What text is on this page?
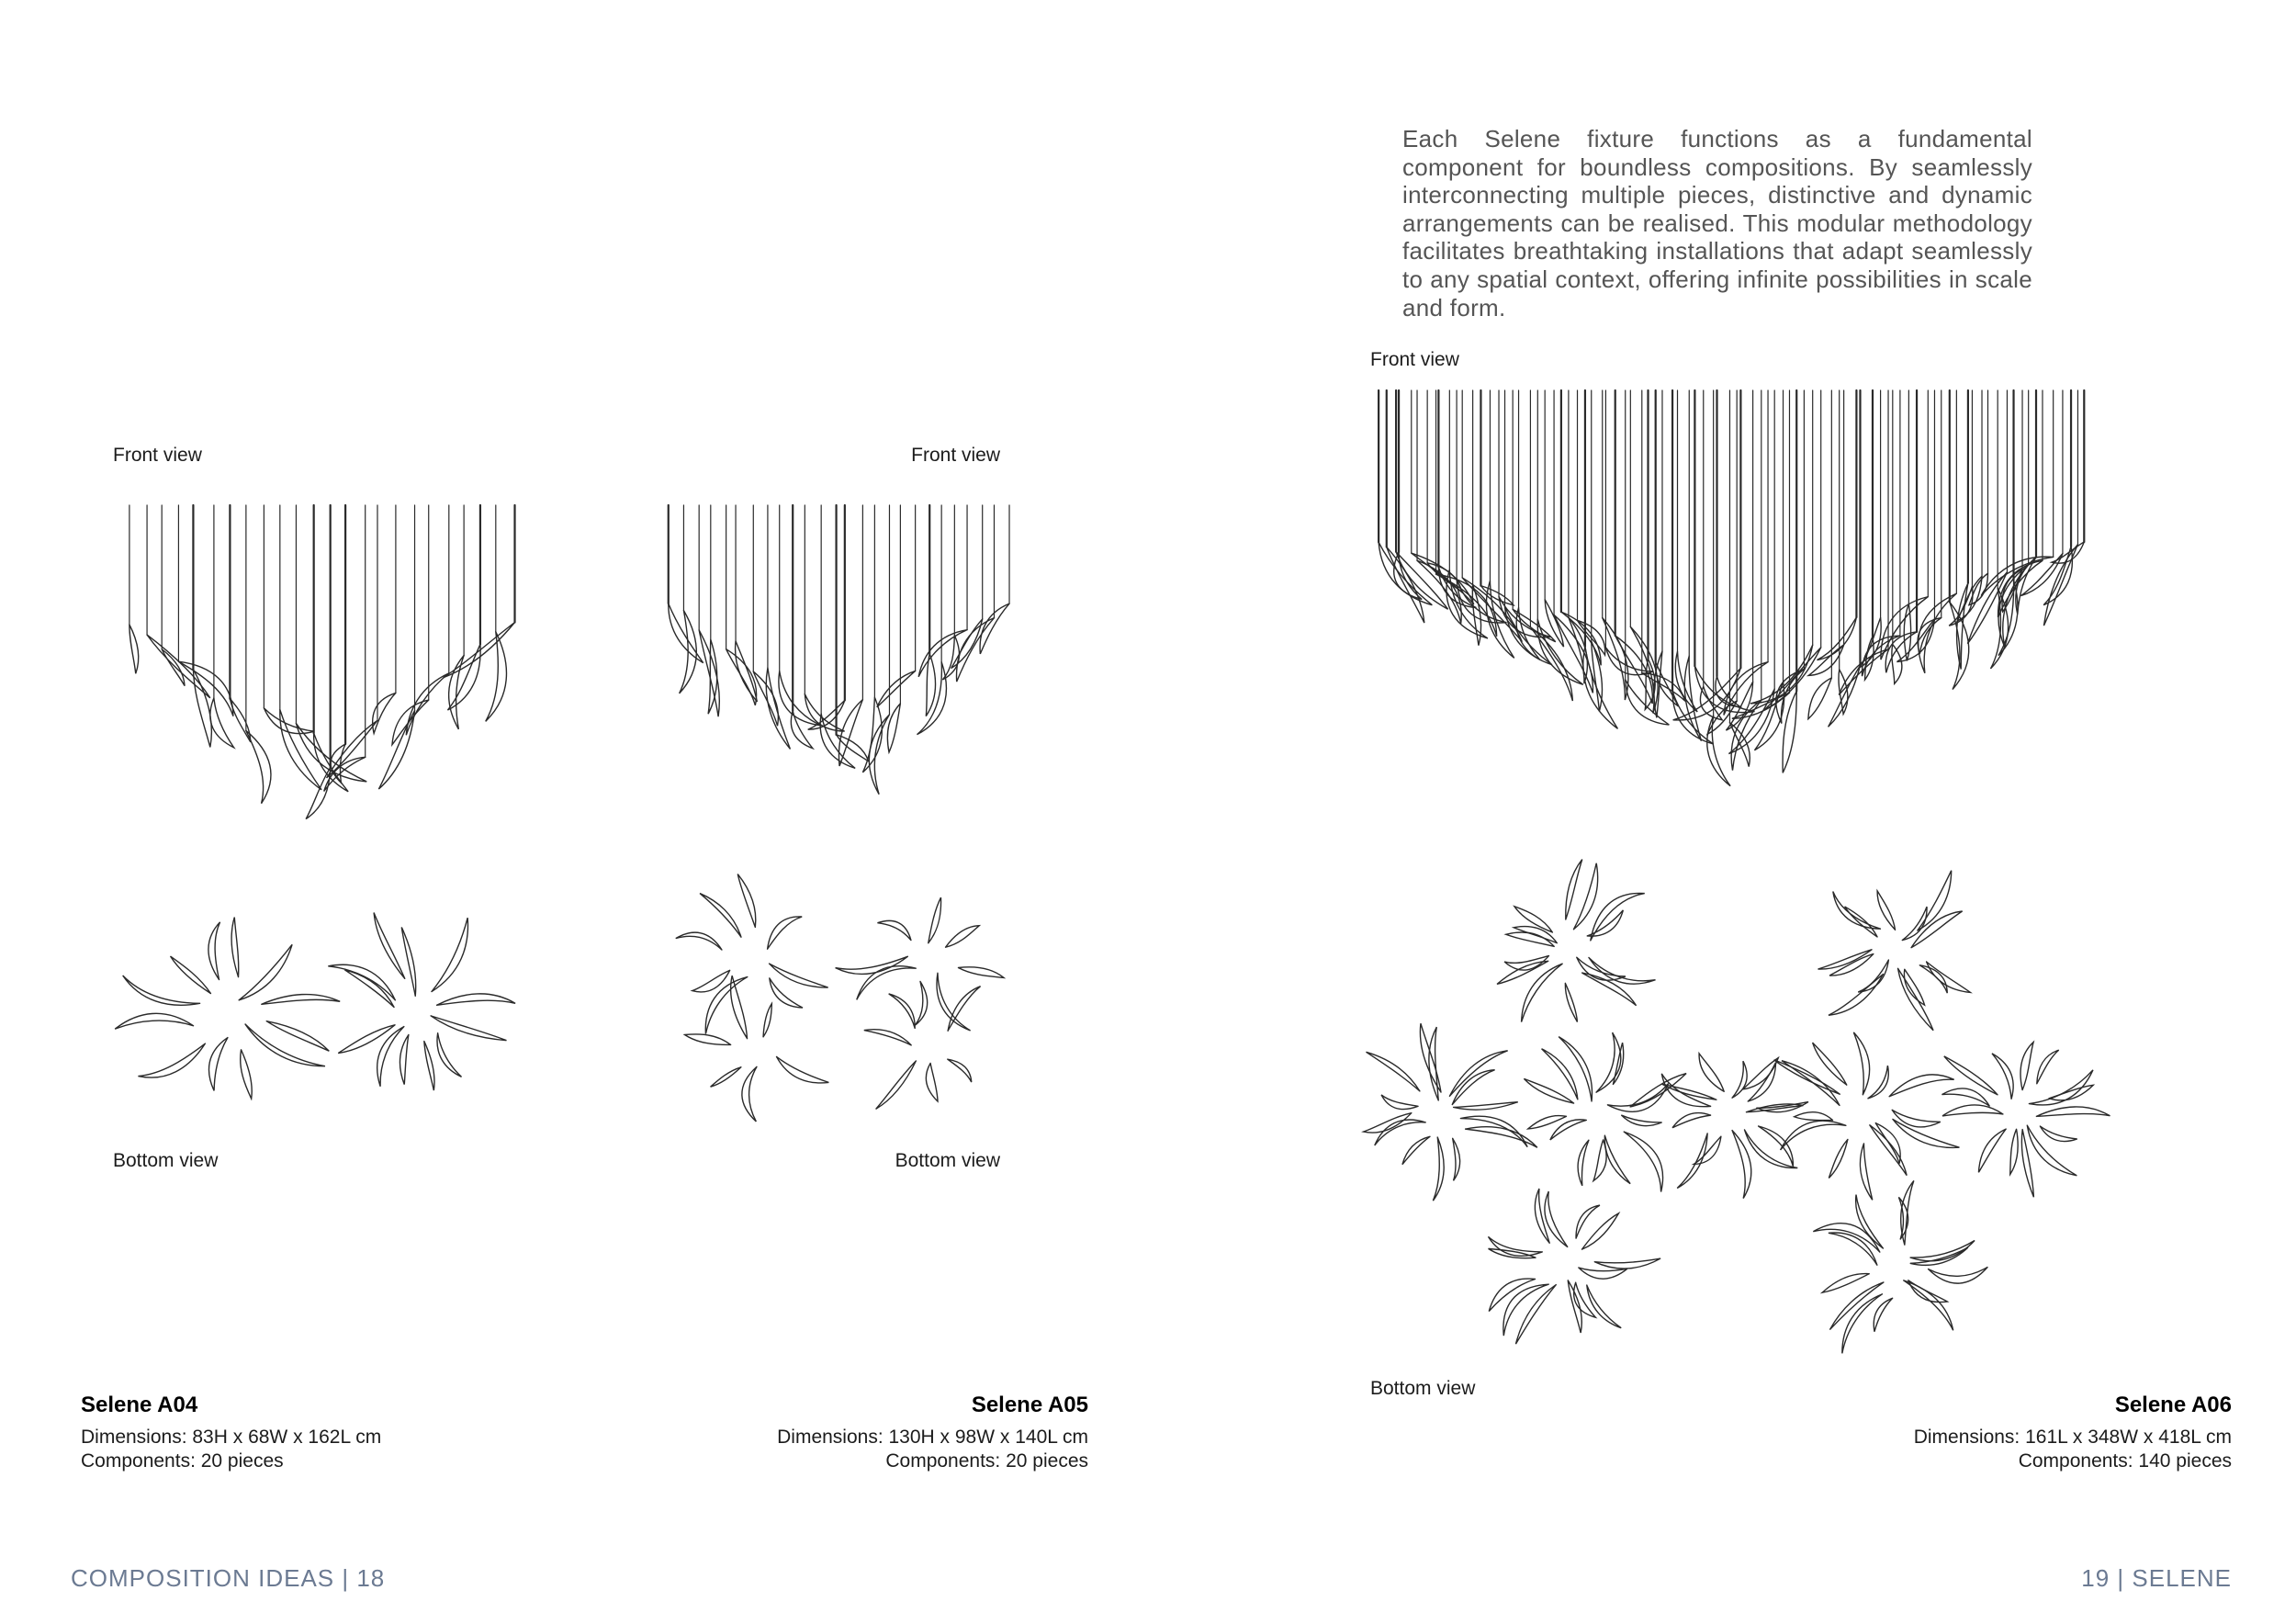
Each Selene fixture functions as a fundamental component for boundless compositions. By seamlessly interconnecting multiple pieces, distinctive and dynamic arrangements can be realised. This modular methodology facilitates breathtaking installations that adapt seamlessly to any spatial context, offering infinite possibilities in scale and form.
Front view
Bottom view
Selene A04
Dimensions: 83H x 68W x 162L cm
Components: 20 pieces
Front view
Bottom view
Selene A05
Dimensions: 130H x 98W x 140L cm
Components: 20 pieces
Front view
Bottom view
Selene A06
Dimensions: 161L x 348W x 418L cm
Components: 140 pieces
COMPOSITION IDEAS | 18	19 | SELENE
